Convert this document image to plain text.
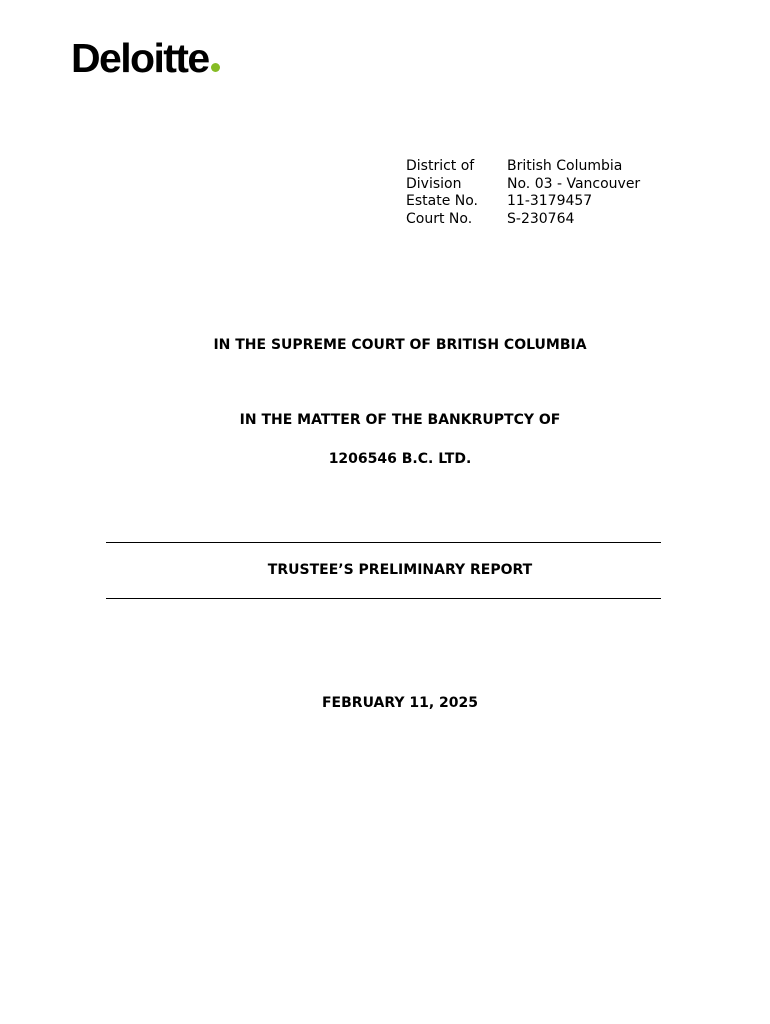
Deloitte
District of	British Columbia
Division	No. 03 - Vancouver
Estate No.	11-3179457
Court No.	S-230764
IN THE SUPREME COURT OF BRITISH COLUMBIA
IN THE MATTER OF THE BANKRUPTCY OF
1206546 B.C. LTD.
TRUSTEE’S PRELIMINARY REPORT
FEBRUARY 11, 2025
